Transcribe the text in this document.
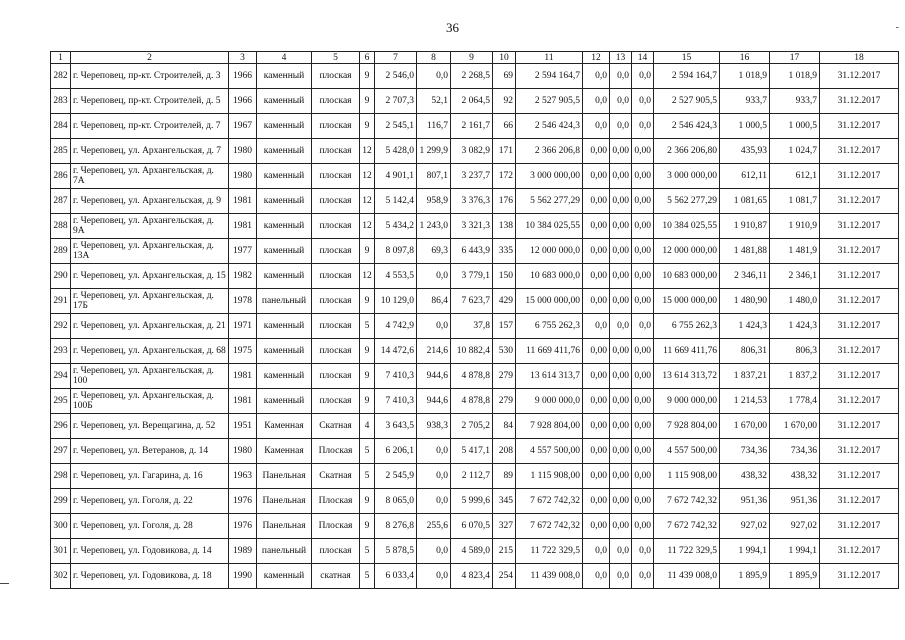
36	-
1	2	3	4	5	6	7	8	9	10	11	12	13	14	15	16	17	18
282	г. Череповец, пр-кт. Строителей, д. 3	1966	каменный	плоская	9	2 546,0	0,0	2 268,5	69	2 594 164,7	0,0	0,0	0,0	2 594 164,7	1 018,9	1 018,9	31.12.2017
283	г. Череповец, пр-кт. Строителей, д. 5	1966	каменный	плоская	9	2 707,3	52,1	2 064,5	92	2 527 905,5	0,0	0,0	0,0	2 527 905,5	933,7	933,7	31.12.2017
284	г. Череповец, пр-кт. Строителей, д. 7	1967	каменный	плоская	9	2 545,1	116,7	2 161,7	66	2 546 424,3	0,0	0,0	0,0	2 546 424,3	1 000,5	1 000,5	31.12.2017
285	г. Череповец, ул. Архангельская, д. 7	1980	каменный	плоская	12	5 428,0	1 299,9	3 082,9	171	2 366 206,8	0,00	0,00	0,00	2 366 206,80	435,93	1 024,7	31.12.2017
286	г. Череповец, ул. Архангельская, д. 7А	1980	каменный	плоская	12	4 901,1	807,1	3 237,7	172	3 000 000,00	0,00	0,00	0,00	3 000 000,00	612,11	612,1	31.12.2017
287	г. Череповец, ул. Архангельская, д. 9	1981	каменный	плоская	12	5 142,4	958,9	3 376,3	176	5 562 277,29	0,00	0,00	0,00	5 562 277,29	1 081,65	1 081,7	31.12.2017
288	г. Череповец, ул. Архангельская, д. 9А	1981	каменный	плоская	12	5 434,2	1 243,0	3 321,3	138	10 384 025,55	0,00	0,00	0,00	10 384 025,55	1 910,87	1 910,9	31.12.2017
289	г. Череповец, ул. Архангельская, д. 13А	1977	каменный	плоская	9	8 097,8	69,3	6 443,9	335	12 000 000,0	0,00	0,00	0,00	12 000 000,00	1 481,88	1 481,9	31.12.2017
290	г. Череповец, ул. Архангельская, д. 15	1982	каменный	плоская	12	4 553,5	0,0	3 779,1	150	10 683 000,0	0,00	0,00	0,00	10 683 000,00	2 346,11	2 346,1	31.12.2017
291	г. Череповец, ул. Архангельская, д. 17Б	1978	панельный	плоская	9	10 129,0	86,4	7 623,7	429	15 000 000,00	0,00	0,00	0,00	15 000 000,00	1 480,90	1 480,0	31.12.2017
292	г. Череповец, ул. Архангельская, д. 21	1971	каменный	плоская	5	4 742,9	0,0	37,8	157	6 755 262,3	0,0	0,0	0,0	6 755 262,3	1 424,3	1 424,3	31.12.2017
293	г. Череповец, ул. Архангельская, д. 68	1975	каменный	плоская	9	14 472,6	214,6	10 882,4	530	11 669 411,76	0,00	0,00	0,00	11 669 411,76	806,31	806,3	31.12.2017
294	г. Череповец, ул. Архангельская, д. 100	1981	каменный	плоская	9	7 410,3	944,6	4 878,8	279	13 614 313,7	0,00	0,00	0,00	13 614 313,72	1 837,21	1 837,2	31.12.2017
295	г. Череповец, ул. Архангельская, д. 100Б	1981	каменный	плоская	9	7 410,3	944,6	4 878,8	279	9 000 000,0	0,00	0,00	0,00	9 000 000,00	1 214,53	1 778,4	31.12.2017
296	г. Череповец, ул. Верещагина, д. 52	1951	Каменная	Скатная	4	3 643,5	938,3	2 705,2	84	7 928 804,00	0,00	0,00	0,00	7 928 804,00	1 670,00	1 670,00	31.12.2017
297	г. Череповец, ул. Ветеранов, д. 14	1980	Каменная	Плоская	5	6 206,1	0,0	5 417,1	208	4 557 500,00	0,00	0,00	0,00	4 557 500,00	734,36	734,36	31.12.2017
298	г. Череповец, ул. Гагарина, д. 16	1963	Панельная	Скатная	5	2 545,9	0,0	2 112,7	89	1 115 908,00	0,00	0,00	0,00	1 115 908,00	438,32	438,32	31.12.2017
299	г. Череповец, ул. Гоголя, д. 22	1976	Панельная	Плоская	9	8 065,0	0,0	5 999,6	345	7 672 742,32	0,00	0,00	0,00	7 672 742,32	951,36	951,36	31.12.2017
300	г. Череповец, ул. Гоголя, д. 28	1976	Панельная	Плоская	9	8 276,8	255,6	6 070,5	327	7 672 742,32	0,00	0,00	0,00	7 672 742,32	927,02	927,02	31.12.2017
301	г. Череповец, ул. Годовикова, д. 14	1989	панельный	плоская	5	5 878,5	0,0	4 589,0	215	11 722 329,5	0,0	0,0	0,0	11 722 329,5	1 994,1	1 994,1	31.12.2017
302	г. Череповец, ул. Годовикова, д. 18	1990	каменный	скатная	5	6 033,4	0,0	4 823,4	254	11 439 008,0	0,0	0,0	0,0	11 439 008,0	1 895,9	1 895,9	31.12.2017
